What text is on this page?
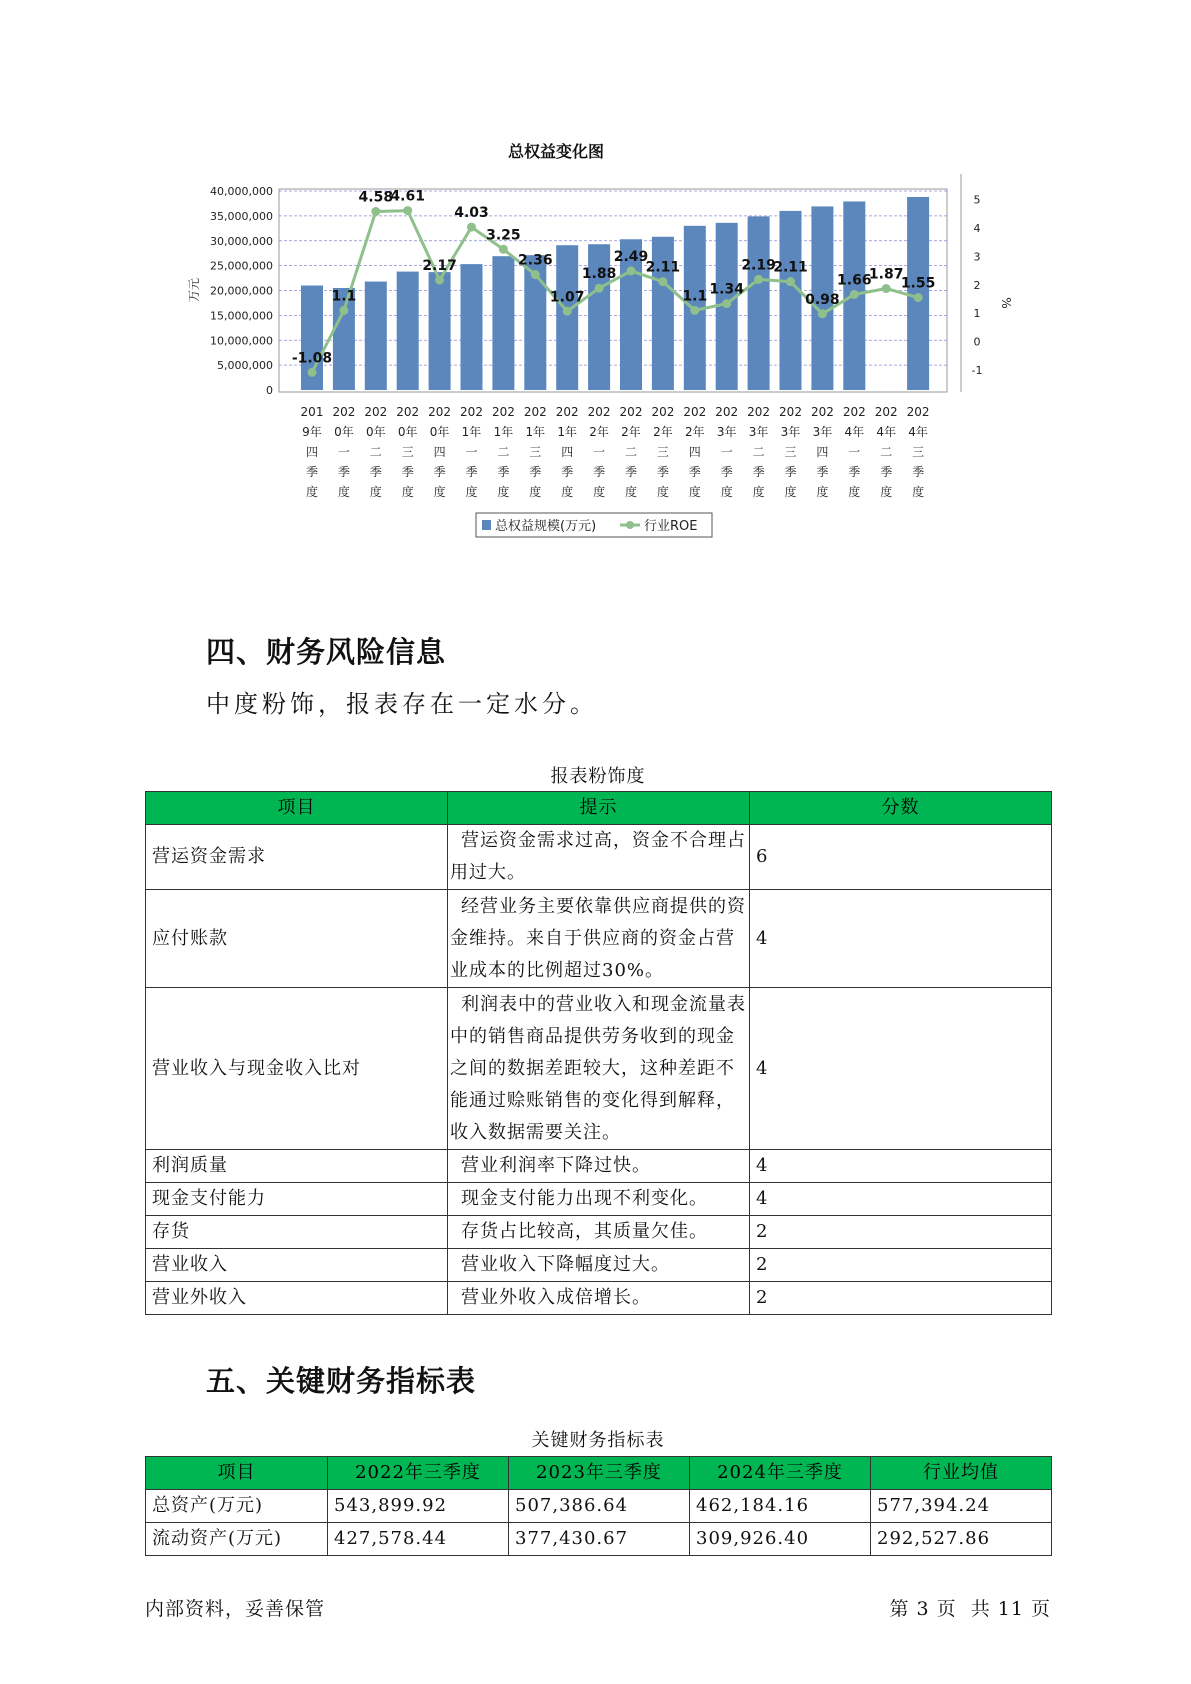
总权益变化图
0
5,000,000
10,000,000
15,000,000
20,000,000
25,000,000
30,000,000
35,000,000
40,000,000
-1
0
1
2
3
4
5
万元
%
201
9年
四
季
度
202
0年
一
季
度
202
0年
二
季
度
202
0年
三
季
度
202
0年
四
季
度
202
1年
一
季
度
202
1年
二
季
度
202
1年
三
季
度
202
1年
四
季
度
202
2年
一
季
度
202
2年
二
季
度
202
2年
三
季
度
202
2年
四
季
度
202
3年
一
季
度
202
3年
二
季
度
202
3年
三
季
度
202
3年
四
季
度
202
4年
一
季
度
202
4年
二
季
度
202
4年
三
季
度
-1.08
1.1
4.58
4.61
2.17
4.03
3.25
2.36
1.07
1.88
2.49
2.11
1.1 1.34
2.19
2.11
0.98
1.66
1.87
1.55
总权益规模(万元)	行业ROE
四、财务风险信息

中度粉饰，报表存在一定水分。

报表粉饰度
项目	提示	分数
营运资金需求	营运资金需求过高，资金不合理占用过大。	6
应付账款	经营业务主要依靠供应商提供的资金维持。来自于供应商的资金占营业成本的比例超过30%。	4
营业收入与现金收入比对	利润表中的营业收入和现金流量表中的销售商品提供劳务收到的现金之间的数据差距较大，这种差距不能通过赊账销售的变化得到解释，收入数据需要关注。	4
利润质量	营业利润率下降过快。	4
现金支付能力	现金支付能力出现不利变化。	4
存货	存货占比较高，其质量欠佳。	2
营业收入	营业收入下降幅度过大。	2
营业外收入	营业外收入成倍增长。	2
五、关键财务指标表
关键财务指标表
项目	2022年三季度	2023年三季度	2024年三季度	行业均值
总资产(万元)	543,899.92	507,386.64	462,184.16	577,394.24
流动资产(万元)	427,578.44	377,430.67	309,926.40	292,527.86
内部资料，妥善保管	第 3 页  共 11 页
